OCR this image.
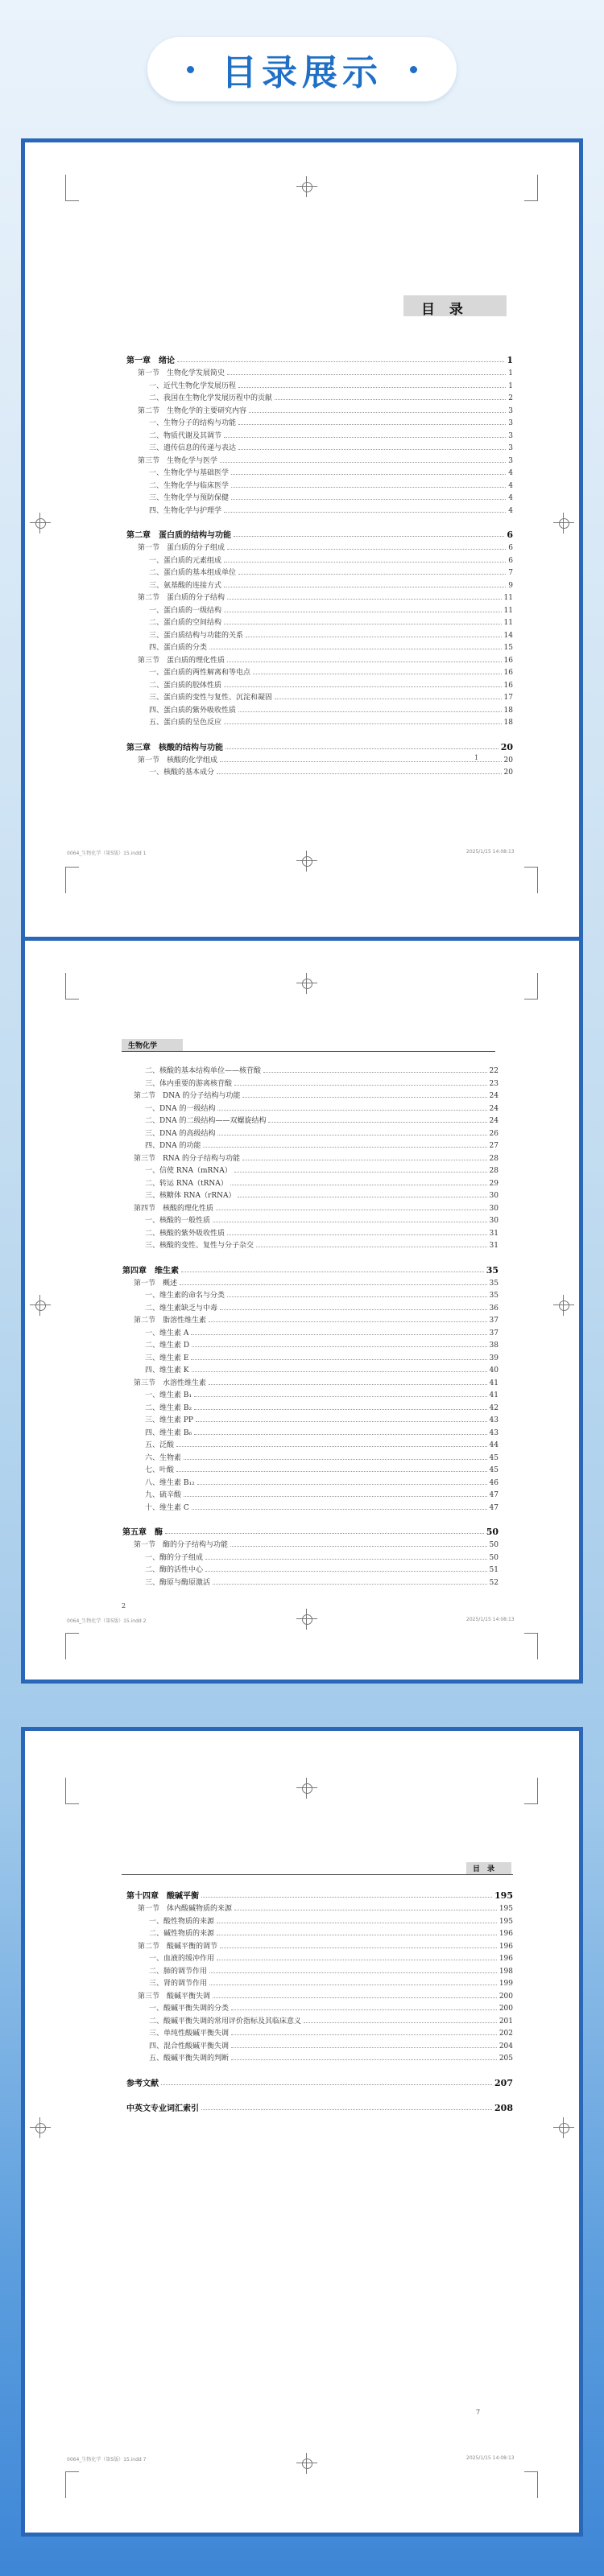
目录展示
目 录
第一章　绪论	1
第一节　生物化学发展简史	1
一、近代生物化学发展历程	1
二、我国在生物化学发展历程中的贡献	2
第二节　生物化学的主要研究内容	3
一、生物分子的结构与功能	3
二、物质代谢及其调节	3
三、遗传信息的传递与表达	3
第三节　生物化学与医学	3
一、生物化学与基础医学	4
二、生物化学与临床医学	4
三、生物化学与预防保健	4
四、生物化学与护理学	4
第二章　蛋白质的结构与功能	6
第一节　蛋白质的分子组成	6
一、蛋白质的元素组成	6
二、蛋白质的基本组成单位	7
三、氨基酸的连接方式	9
第二节　蛋白质的分子结构	11
一、蛋白质的一级结构	11
二、蛋白质的空间结构	11
三、蛋白质结构与功能的关系	14
四、蛋白质的分类	15
第三节　蛋白质的理化性质	16
一、蛋白质的两性解离和等电点	16
二、蛋白质的胶体性质	16
三、蛋白质的变性与复性、沉淀和凝固	17
四、蛋白质的紫外吸收性质	18
五、蛋白质的呈色反应	18
第三章　核酸的结构与功能	20
第一节　核酸的化学组成	20
一、核酸的基本成分	20
1
0064_生物化学（第5版）15.indd 1	2025/1/15 14:08:13
生物化学
二、核酸的基本结构单位——核苷酸	22
三、体内重要的游离核苷酸	23
第二节　DNA 的分子结构与功能	24
一、DNA 的一级结构	24
二、DNA 的二级结构——双螺旋结构	24
三、DNA 的高级结构	26
四、DNA 的功能	27
第三节　RNA 的分子结构与功能	28
一、信使 RNA（mRNA）	28
二、转运 RNA（tRNA）	29
三、核糖体 RNA（rRNA）	30
第四节　核酸的理化性质	30
一、核酸的一般性质	30
二、核酸的紫外吸收性质	31
三、核酸的变性、复性与分子杂交	31
第四章　维生素	35
第一节　概述	35
一、维生素的命名与分类	35
二、维生素缺乏与中毒	36
第二节　脂溶性维生素	37
一、维生素 A	37
二、维生素 D	38
三、维生素 E	39
四、维生素 K	40
第三节　水溶性维生素	41
一、维生素 B₁	41
二、维生素 B₂	42
三、维生素 PP	43
四、维生素 B₆	43
五、泛酸	44
六、生物素	45
七、叶酸	45
八、维生素 B₁₂	46
九、硫辛酸	47
十、维生素 C	47
第五章　酶	50
第一节　酶的分子结构与功能	50
一、酶的分子组成	50
二、酶的活性中心	51
三、酶原与酶原激活	52
2
0064_生物化学（第5版）15.indd 2	2025/1/15 14:08:13
目　录
第十四章　酸碱平衡	195
第一节　体内酸碱物质的来源	195
一、酸性物质的来源	195
二、碱性物质的来源	196
第二节　酸碱平衡的调节	196
一、血液的缓冲作用	196
二、肺的调节作用	198
三、肾的调节作用	199
第三节　酸碱平衡失调	200
一、酸碱平衡失调的分类	200
二、酸碱平衡失调的常用评价指标及其临床意义	201
三、单纯性酸碱平衡失调	202
四、混合性酸碱平衡失调	204
五、酸碱平衡失调的判断	205
参考文献	207
中英文专业词汇索引	208
7
0064_生物化学（第5版）15.indd 7	2025/1/15 14:08:13
